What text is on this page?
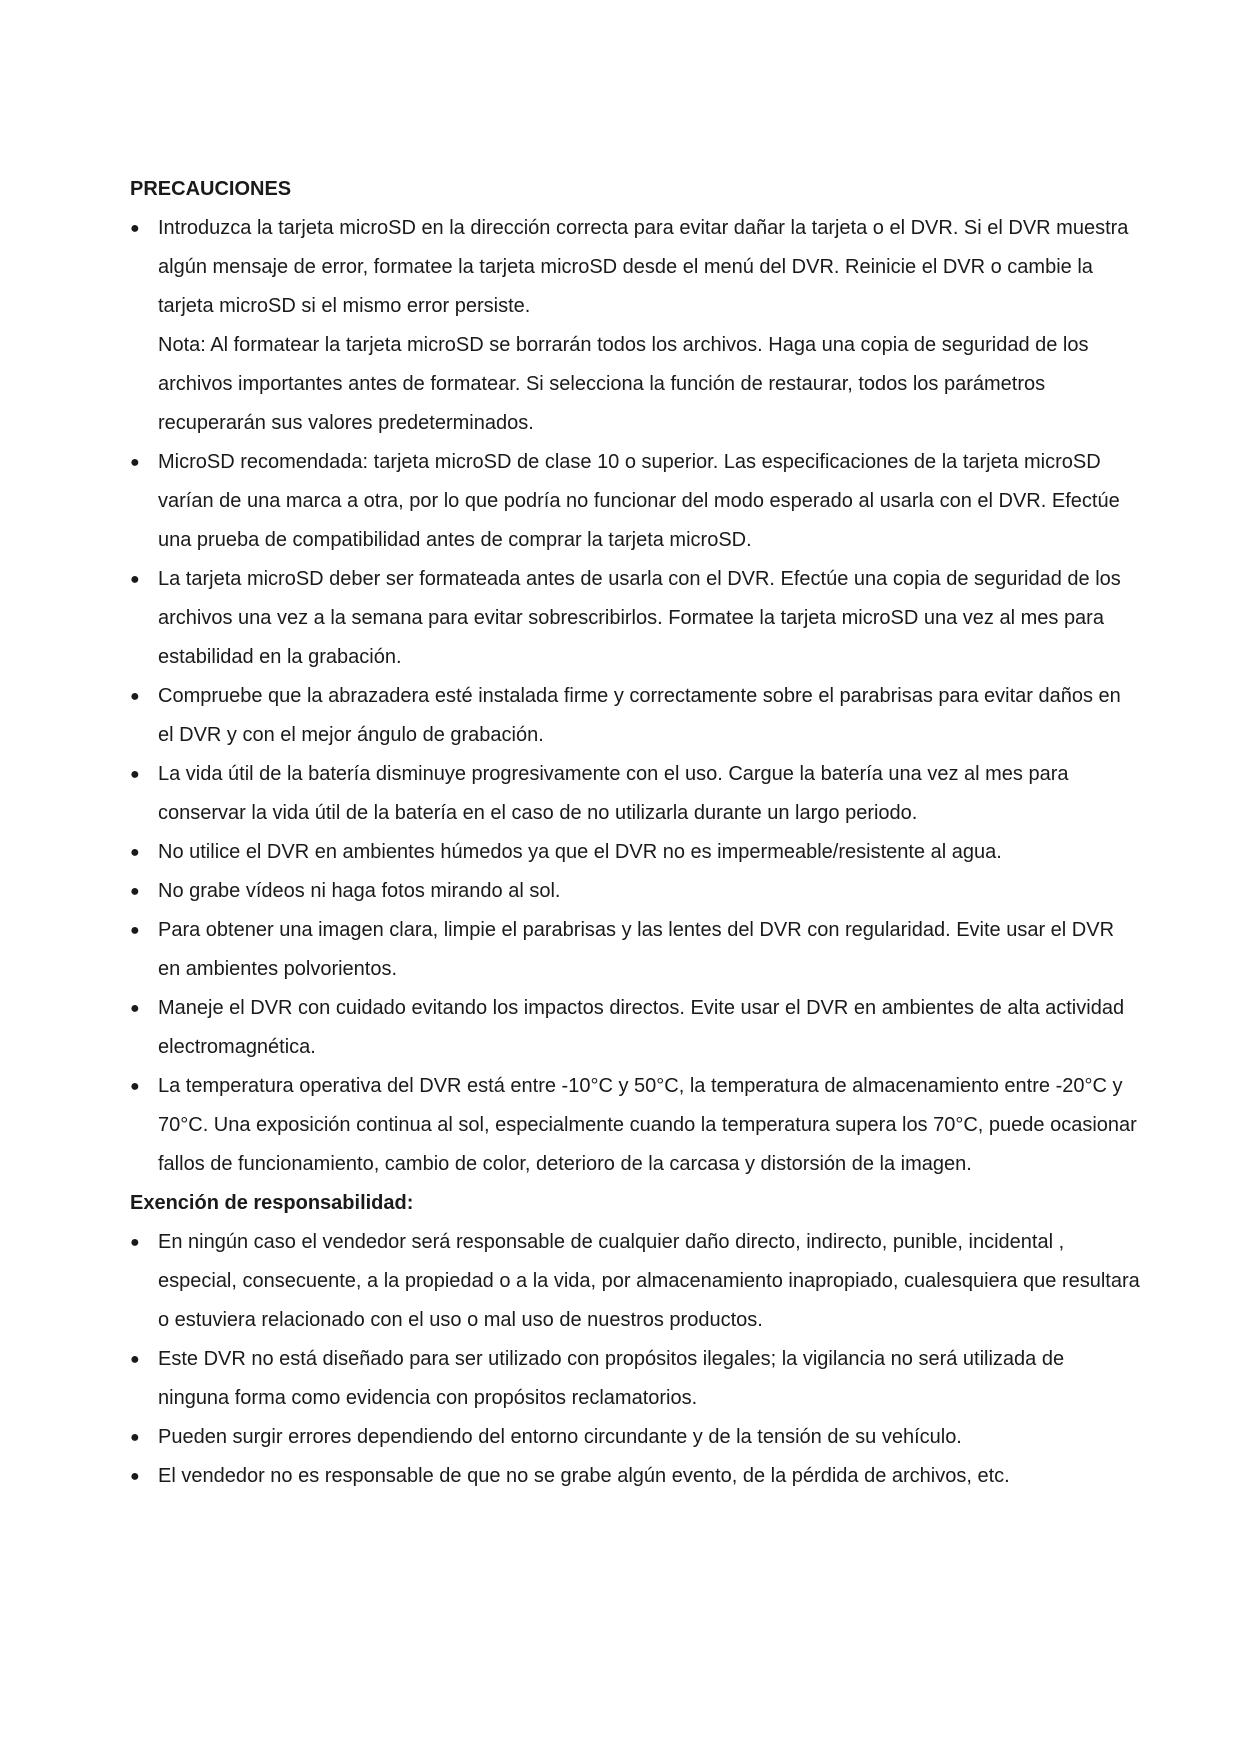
PRECAUCIONES
● Introduzca la tarjeta microSD en la dirección correcta para evitar dañar la tarjeta o el DVR. Si el DVR muestra algún mensaje de error, formatee la tarjeta microSD desde el menú del DVR. Reinicie el DVR o cambie la tarjeta microSD si el mismo error persiste.
Nota: Al formatear la tarjeta microSD se borrarán todos los archivos. Haga una copia de seguridad de los archivos importantes antes de formatear. Si selecciona la función de restaurar, todos los parámetros recuperarán sus valores predeterminados.
● MicroSD recomendada: tarjeta microSD de clase 10 o superior. Las especificaciones de la tarjeta microSD varían de una marca a otra, por lo que podría no funcionar del modo esperado al usarla con el DVR. Efectúe una prueba de compatibilidad antes de comprar la tarjeta microSD.
● La tarjeta microSD deber ser formateada antes de usarla con el DVR. Efectúe una copia de seguridad de los archivos una vez a la semana para evitar sobrescribirlos. Formatee la tarjeta microSD una vez al mes para estabilidad en la grabación.
● Compruebe que la abrazadera esté instalada firme y correctamente sobre el parabrisas para evitar daños en el DVR y con el mejor ángulo de grabación.
● La vida útil de la batería disminuye progresivamente con el uso. Cargue la batería una vez al mes para conservar la vida útil de la batería en el caso de no utilizarla durante un largo periodo.
● No utilice el DVR en ambientes húmedos ya que el DVR no es impermeable/resistente al agua.
● No grabe vídeos ni haga fotos mirando al sol.
● Para obtener una imagen clara, limpie el parabrisas y las lentes del DVR con regularidad. Evite usar el DVR en ambientes polvorientos.
● Maneje el DVR con cuidado evitando los impactos directos. Evite usar el DVR en ambientes de alta actividad electromagnética.
● La temperatura operativa del DVR está entre -10°C y 50°C, la temperatura de almacenamiento entre -20°C y 70°C. Una exposición continua al sol, especialmente cuando la temperatura supera los 70°C, puede ocasionar fallos de funcionamiento, cambio de color, deterioro de la carcasa y distorsión de la imagen.
Exención de responsabilidad:
● En ningún caso el vendedor será responsable de cualquier daño directo, indirecto, punible, incidental , especial, consecuente, a la propiedad o a la vida, por almacenamiento inapropiado, cualesquiera que resultara o estuviera relacionado con el uso o mal uso de nuestros productos.
● Este DVR no está diseñado para ser utilizado con propósitos ilegales; la vigilancia no será utilizada de ninguna forma como evidencia con propósitos reclamatorios.
● Pueden surgir errores dependiendo del entorno circundante y de la tensión de su vehículo.
● El vendedor no es responsable de que no se grabe algún evento, de la pérdida de archivos, etc.
